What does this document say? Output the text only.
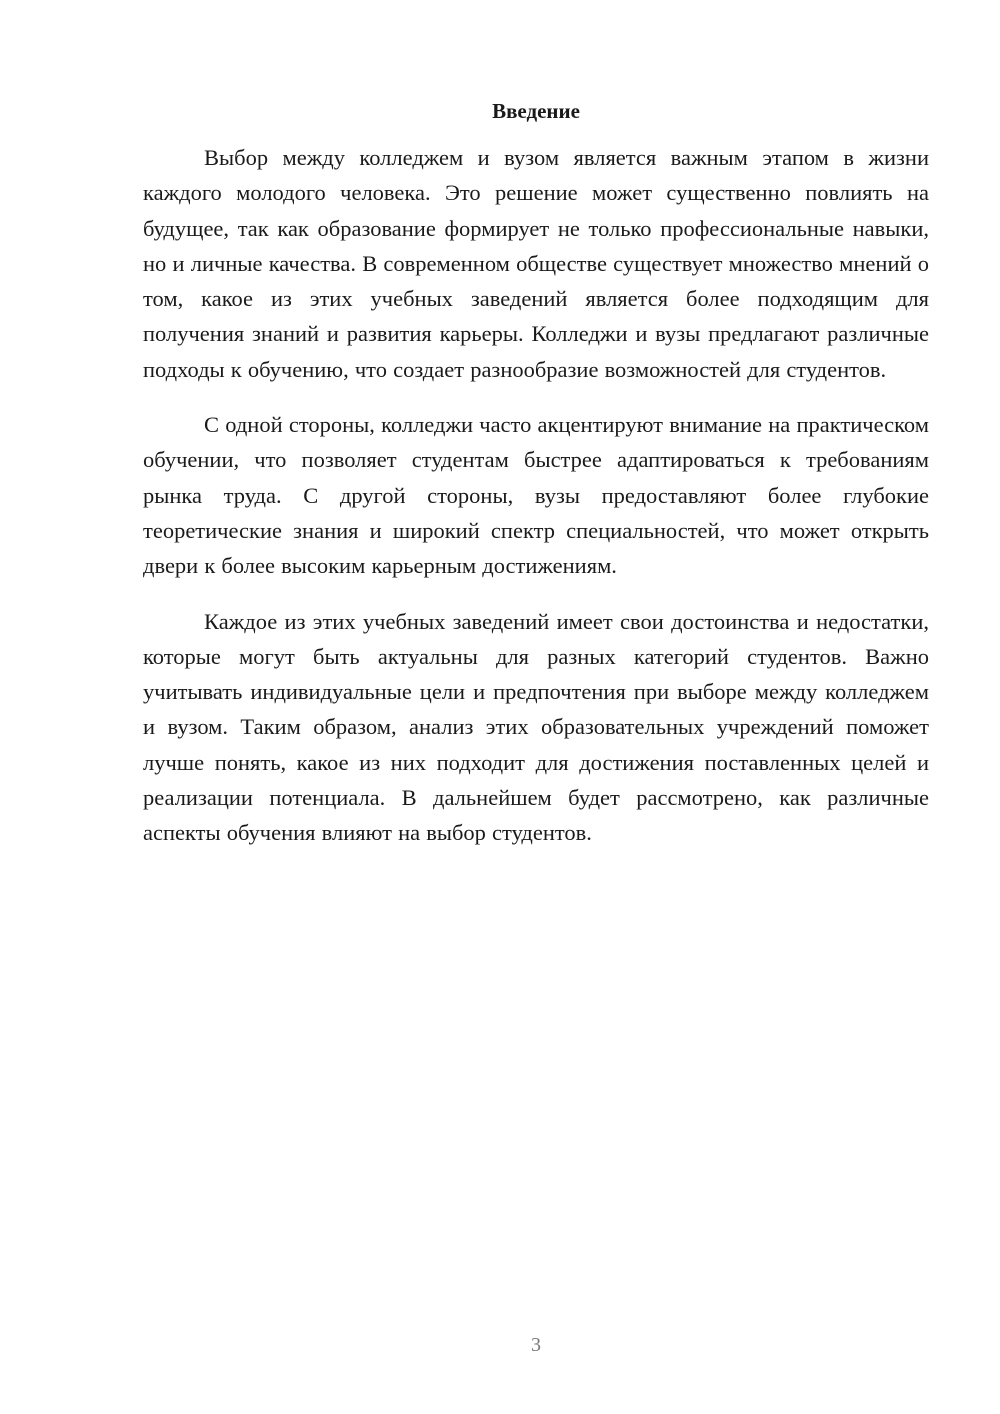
Введение

Выбор между колледжем и вузом является важным этапом в жизни каждого молодого человека. Это решение может существенно повлиять на будущее, так как образование формирует не только профессиональные навыки, но и личные качества. В современном обществе существует множество мнений о том, какое из этих учебных заведений является более подходящим для получения знаний и развития карьеры. Колледжи и вузы предлагают различные подходы к обучению, что создает разнообразие возможностей для студентов.

С одной стороны, колледжи часто акцентируют внимание на практическом обучении, что позволяет студентам быстрее адаптироваться к требованиям рынка труда. С другой стороны, вузы предоставляют более глубокие теоретические знания и широкий спектр специальностей, что может открыть двери к более высоким карьерным достижениям.

Каждое из этих учебных заведений имеет свои достоинства и недостатки, которые могут быть актуальны для разных категорий студентов. Важно учитывать индивидуальные цели и предпочтения при выборе между колледжем и вузом. Таким образом, анализ этих образовательных учреждений поможет лучше понять, какое из них подходит для достижения поставленных целей и реализации потенциала. В дальнейшем будет рассмотрено, как различные аспекты обучения влияют на выбор студентов.

3
